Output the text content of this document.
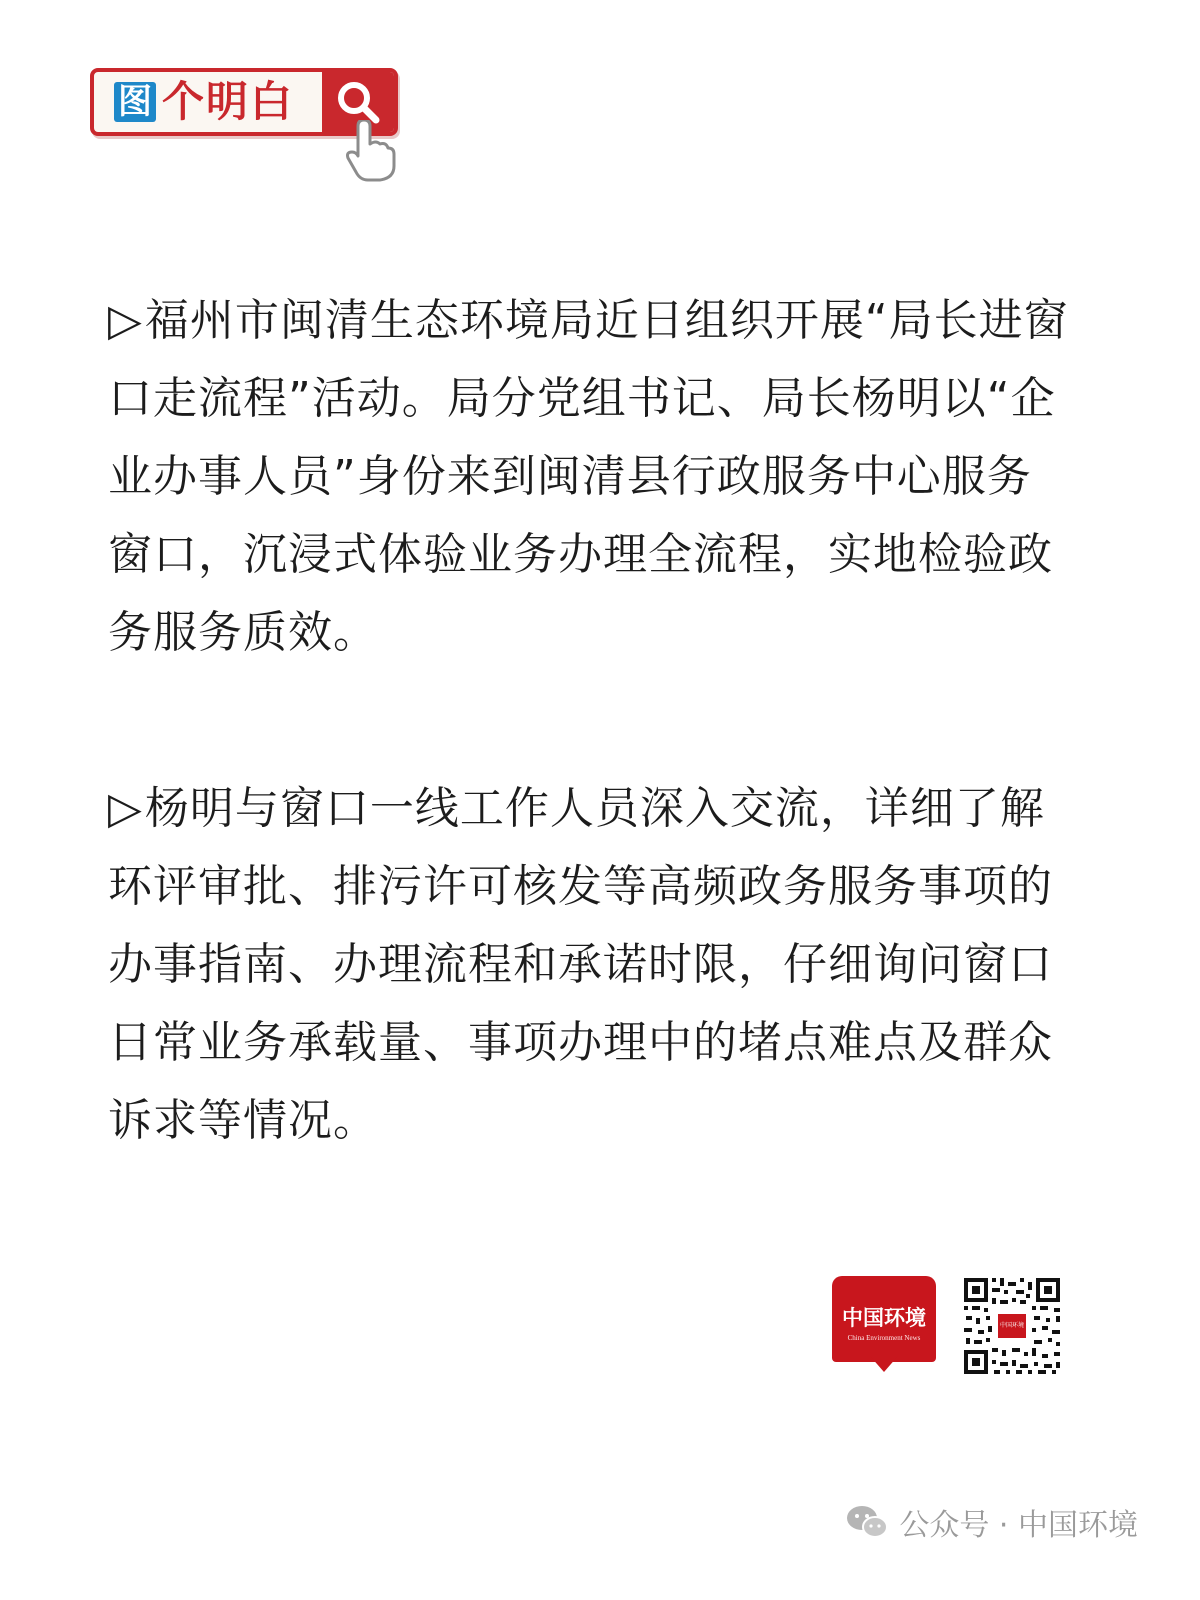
图 个明白
▷福州市闽清生态环境局近日组织开展“局长进窗口走流程”活动。局分党组书记、局长杨明以“企业办事人员”身份来到闽清县行政服务中心服务窗口，沉浸式体验业务办理全流程，实地检验政务服务质效。
▷杨明与窗口一线工作人员深入交流，详细了解环评审批、排污许可核发等高频政务服务事项的办事指南、办理流程和承诺时限，仔细询问窗口日常业务承载量、事项办理中的堵点难点及群众诉求等情况。
中国环境
China Environment News
中国环境
公众号 · 中国环境
